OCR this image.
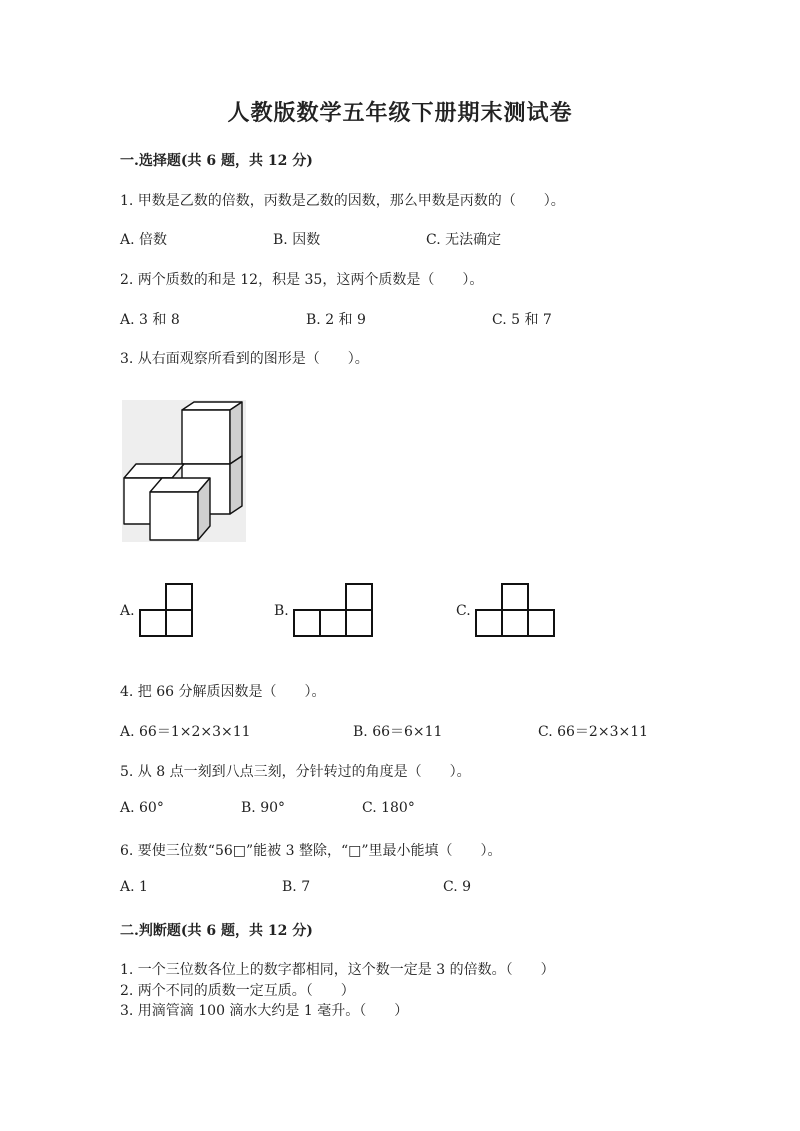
人教版数学五年级下册期末测试卷
一.选择题(共 6 题，共 12 分)
1. 甲数是乙数的倍数，丙数是乙数的因数，那么甲数是丙数的（　　）。
A. 倍数	B. 因数	C. 无法确定
2. 两个质数的和是 12，积是 35，这两个质数是（　　）。
A. 3 和 8	B. 2 和 9	C. 5 和 7
3. 从右面观察所看到的图形是（　　）。
A.	B.	C.
4. 把 66 分解质因数是（　　）。
A. 66＝1×2×3×11	B. 66＝6×11	C. 66＝2×3×11
5. 从 8 点一刻到八点三刻，分针转过的角度是（　　）。
A. 60°	B. 90°	C. 180°
6. 要使三位数“56□”能被 3 整除，“□”里最小能填（　　）。
A. 1	B. 7	C. 9
二.判断题(共 6 题，共 12 分)
1. 一个三位数各位上的数字都相同，这个数一定是 3 的倍数。（　　）
2. 两个不同的质数一定互质。（　　）
3. 用滴管滴 100 滴水大约是 1 毫升。（　　）
